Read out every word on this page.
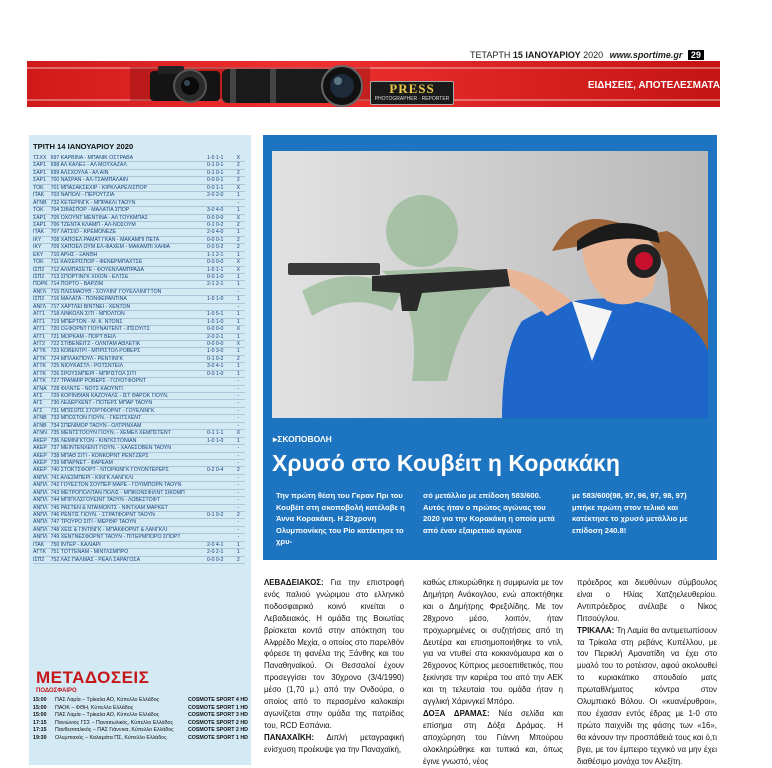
ΤΕΤΑΡΤΗ 15 ΙΑΝΟΥΑΡΙΟΥ 2020 www.sportime.gr 29
PRESS
PHOTOGRAPHER · REPORTER
ΕΙΔΗΣΕΙΣ, ΑΠΟΤΕΛΕΣΜΑΤΑ
ΤΡΙΤΗ 14 ΙΑΝΟΥΑΡΙΟΥ 2020
ΤΣΧΧ	697 ΚΑΡΒΙΝΑ - ΜΠΑΝΙΚ ΟΣΤΡΑΒΑ	1-0 1-1	X
ΣΑΡ1	698 ΑΛ ΚΑΛΕΞ - ΑΛ ΜΟΥΧΑΖΑΛ	0-1 0-1	2
ΣΑΡ1	699 ΑΛΣΧΟΥΛΑ - ΑΛ ΑΙΝ	0-1 0-1	2
ΣΑΡ1	700 ΝΑΣΡΑΝ - ΑΛ-ΤΣΑΜΠΑΛΑΙΝ	0-0 0-1	2
ΤΟΚ	701 ΜΠΑΣΑΚΣΕΧΙΡ - ΚΙΡΚΛΑΡΕΛΙΣΠΟΡ	0-0 1-1	X
ΙΤΑΚ	703 ΝΑΠΟΛΙ - ΠΕΡΟΥΤΖΙΑ	2-0 2-0	1
ΑΓΝΒ	732 ΚΕΤΕΡΙΝΓΚ - ΜΠΡΑΚΛΙ ΤΑΟΥΝ		-
ΤΟΚ	704 ΣΙΒΑΣΠΟΡ - ΜΑΛΑΤΙΑ ΣΠΟΡ	3-0 4-0	1
ΣΑΡ1	705 ΟΧΟΥΝΤ ΜΕΝΤΙΝΑ - ΑΛ ΤΟΥΚΜΠΑΣ	0-0 0-0	X
ΣΑΡ1	706 ΤΖΕΝΤΑ ΚΛΑΜΠ - ΑΛ-ΝΟΣΟΥΜ	0-1 0-2	2
ΙΤΑΚ	707 ΛΑΤΣΙΟ - ΚΡΕΜΟΝΕΖΕ	2-0 4-0	1
ΙΚΥ	708 ΧΑΠΟΕΛ ΡΑΜΑΤ ΓΚΑΝ - ΜΑΚΑΜΠΙ ΠΕΤΑ	0-0 0-1	2
ΙΚΥ	709 ΧΑΠΟΕΛ ΟΥΜ ΕΛ-ΦΑΧΕΜ - ΜΑΚΑΜΠΙ ΧΑΙΦΑ	0-0 0-2	2
ΕΚΥ	710 ΑΡΗΣ - ΞΑΝΘΗ	1-1 2-1	1
ΤΟΚ	711 ΚΑΙΣΕΡΙΣΠΟΡ - ΦΕΝΕΡΜΠΑΧΤΣΕ	0-0 0-0	X
ΙΣΠ2	712 ΑΛΜΠΑΣΕΤΕ - ΦΟΥΕΝΛΑΜΠΡΑΔΑ	1-0 1-1	X
ΙΣΠ2	713 ΣΠΟΡΤΙΝΓΚ ΧΙΧΟΝ - ΕΛΤΣΕ	0-0 1-0	1
ΠΟΡΚ	714 ΠΟΡΤΟ - ΒΑΡΖΙΜ	2-1 2-1	1
ΑΝΓΛ	715 ΠΛΙΣΜΑΟΥΘ - ΣΟΥΛΙΝΓ ΓΟΥΕΛΛΙΝΓΓΤΟΝ		-
ΙΣΠ2	716 ΜΑΛΑΓΑ - ΠΟΝΦΕΡΑΝΤΙΝΑ	1-0 1-0	1
ΑΝΓΛ	717 ΧΑΡΤΛΕΙ ΒΙΝΤΝΕΙ - ΧΕΝΤΟΝ		-
ΑΓΓ1	718 ΛΙΝΚΟΛΝ ΣΙΤΙ - ΜΠΟΛΤΟΝ	1-0 5-1	1
ΑΓΓ1	719 ΜΠΕΡΤΟΝ - Μ. Κ. ΝΤΟΝΣ	1-0 1-0	1
ΑΓΓ1	720 ΟΞΦΟΡΝΤ ΓΙΟΥΝΑΪΤΕΝΤ - ΙΠΣΟΥΙΤΣ	0-0 0-0	X
ΑΓΓ1	721 ΜΟΡΚΑΜ - ΠΟΡΤ ΒΕΪΛ	2-0 2-1	1
ΑΓΓ2	722 ΣΤΙΒΕΝΕΪΤΖ - ΟΛΝΤΑΜ ΑΘΛΕΤΙΚ	0-0 0-0	X
ΑΓΤΚ	723 ΚΟΒΕΝΤΡΙ - ΜΠΡΙΣΤΟΛ ΡΟΒΕΡΣ	1-0 3-0	1
ΑΓΤΚ	724 ΜΠΛΑΚΠΟΥΛ - ΡΕΝΤΙΝΓΚ	0-1 0-2	2
ΑΓΤΚ	725 ΝΙΟΥΚΑΣΤΛ - ΡΟΤΣΝΤΕΪΛ	3-0 4-1	1
ΑΓΤΚ	726 ΣΡΟΥΣΜΠΕΡΙ - ΜΠΡΙΣΤΟΛ ΣΙΤΙ	0-0 1-0	1
ΑΓΤΚ	727 ΤΡΑΝΜΙΡ ΡΟΒΕΡΣ - ΓΟΥΟΤΦΟΡΝΤ		-
ΑΓΝΑ	728 ΦΙΛΝΤΕ - ΝΟΤΣ ΚΑΟΥΝΤΙ		-
ΑΓΣ	729 ΚΟΡΙΝΘΙΑΝ ΚΑΖΟΥΑΛΣ - ΙΣΤ ΘΑΡΟΚ ΓΙΟΥΝ.		-
ΑΓΣ	730 ΛΕΔΕΡΧΕΝΤ - ΠΟΤΕΡΣ ΜΠΑΡ ΤΑΟΥΝ		-
ΑΓΣ	731 ΜΠΙΣΟΠΣ ΣΤΟΡΤΦΟΡΝΤ - ΓΟΥΕΛΙΝΓΚ		-
ΑΓΝΒ	733 ΜΠΟΣΤΟΝ ΓΙΟΥΝ. - ΓΚΕΙΤΣΧΕΝΤ		-
ΑΓΝΒ	734 ΣΠΕΝΙΜΟΡ ΤΑΟΥΝ - ΟΛΤΡΙΝΧΑΜ		-
ΑΓΝΝ	735 ΜΕΝΤΣΤΟΟΥΝ ΓΙΟΥΝ. - ΧΕΜΕΛ ΧΕΜΠΣΤΕΝΤ	0-1 1-1	X
ΑΚΕΡ	736 ΛΕΜΙΝΓΚΤΟΝ - ΚΙΝΓΚΣΤΟΝΙΑΝ	1-0 1-0	1
ΑΚΕΡ	737 ΜΕΙΝΤΕΝΧΕΝΤ ΓΙΟΥΝ. - ΧΑΛΕΣΟΒΕΝ ΤΑΟΥΝ		-
ΑΚΕΡ	738 ΜΠΑΘ ΣΙΤΙ - ΚΟΝΚΟΡΝΤ ΡΕΝΤΖΕΡΣ		-
ΑΚΕΡ	739 ΜΠΑΡΝΕΤ - ΦΑΡΕΑΜ		-
ΑΚΕΡ	740 ΣΤΟΚΤΣΦΟΡΤ - ΝΤΟΡΚΙΝΓΚ ΓΟΥΟΝΤΕΡΕΡΣ	0-2 0-4	2
ΑΝΠΛ	741 ΑΛΕΣΜΠΕΡΙ - ΚΙΝΓΚ ΛΑΝΓΚΛΙ		-
ΑΝΠΛ	742 ΓΟΥΕΣΤΟΝ ΣΟΥΠΕΡ ΜΑΡΕ - ΓΟΥΙΜΠΟΡΝ ΤΑΟΥΝ		-
ΑΝΠΛ	743 ΜΕΤΡΟΠΟΛΙΤΑΝ ΠΟΛΙΣ - ΜΠΙΚΟΝΣΦΙΛΝΤ ΣΙΚΟΜΠ		-
ΑΝΠΛ	744 ΜΠΙΓΚΛΣΓΟΥΕΪΝΤ ΤΑΟΥΝ - ΛΟΒΕΣΤΟΦΤ		-
ΑΝΠΛ	745 ΡΑΣΤΕΝ & ΝΤΑΙΜΟΝΤΣ - ΝΙΝΤΧΑΜ ΜΑΡΚΕΤ		-
ΑΝΠΛ	746 ΡΕΝΤΙΣ ΓΙΟΥΝ. - ΣΤΡΑΤΦΟΡΝΤ ΤΑΟΥΝ	0-1 0-2	2
ΑΝΠΛ	747 ΤΡΟΥΡΟ ΣΙΤΙ - ΜΕΡΘΙΡ ΤΑΟΥΝ		-
ΑΝΠΛ	748 ΧΕΪΣ & ΓΙΝΤΙΝΓΚ - ΜΠΑΚΦΟΡΝΤ & ΛΑΝΓΚΛΙ		-
ΑΝΠΛ	749 ΧΕΝΤΝΕΣΦΟΡΝΤ ΤΑΟΥΝ - ΠΙΤΕΡΜΠΟΡΟ ΣΠΟΡΤ		-
ΙΤΑΚ	750 ΙΝΤΕΡ - ΚΑΛΙΑΡΙ	2-0 4-1	1
ΑΓΤΚ	751 ΤΟΤΤΕΝΑΜ - ΜΙΝΤΛΣΜΠΡΟ	2-0 2-1	1
ΙΣΠ2	752 ΛΑΣ ΠΑΛΜΑΣ - ΡΕΑΛ ΣΑΡΑΓΟΣΑ	0-0 0-2	2
ΜΕΤΑΔΟΣΕΙΣ
ΠΟΔΟΣΦΑΙΡΟ
15:00	ΠΑΣ Λαμία – Τρίκαλα ΑΟ, Κύπελλο Ελλάδος	COSMOTE SPORT 4 HD
15:00	ΠΑΟΚ – ΦΘΗ, Κύπελλο Ελλάδος	COSMOTE SPORT 1 HD
15:00	ΠΑΣ Λαμία – Τρίκαλα ΑΟ, Κύπελλο Ελλάδος	COSMOTE SPORT 3 HD
17:15	Πανιώνιος ΓΣΣ – Παναιτωλικός, Κύπελλο Ελλάδος	COSMOTE SPORT 2 HD
17:15	Πανθεσσαλικός – ΠΑΣ Γιάννινα, Κύπελλο Ελλάδος	COSMOTE SPORT 2 HD
19:30	Ολυμπιακός – Καλαμάτα ΠΣ, Κύπελλο Ελλάδος	COSMOTE SPORT 1 HD
▸ΣΚΟΠΟΒΟΛΗ
Χρυσό στο Κουβέιτ η Κορακάκη
Την πρώτη θέση του Γκραν Πρι του Κουβέιτ στη σκοποβολή κατέλαβε η Άννα Κορακάκη. Η 23χρονη Ολυμπιονίκης του Ρίο κατέκτησε το χρυ-
σό μετάλλιο με επίδοση 583/600. Αυτός ήταν ο πρώτος αγώνας του 2020 για την Κορακάκη η οποία μετά από έναν εξαιρετικό αγώνα
με 583/600(98, 97, 96, 97, 98, 97) μπήκε πρώτη στον τελικό και κατέκτησε το χρυσό μετάλλιο με επίδοση 240.8!
ΛΕΒΑΔΕΙΑΚΟΣ: Για την επιστροφή ενός παλιού γνώριμου στο ελληνικό ποδοσφαιρικό κοινό κινείται ο Λεβαδειακός. Η ομάδα της Βοιωτίας βρίσκεται κοντά στην απόκτηση του Αλφρέδο Μεχία, ο οποίος στο παρελθόν φόρεσε τη φανέλα της Ξάνθης και του Παναθηναϊκού. Οι Θεσσαλοί έχουν προσεγγίσει τον 30χρονο (3/4/1990) μέσο (1,70 μ.) από την Ονδούρα, ο οποίος από το περασμένο καλοκαίρι αγωνίζεται στην ομάδα της πατρίδας του, RCD Εσπάνια.
ΠΑΝΑΧΑΪΚΗ: Διπλή μεταγραφική ενίσχυση προέκυψε για την Παναχαϊκή,
καθώς επικυρώθηκε η συμφωνία με τον Δημήτρη Ανάκογλου, ενώ αποκτήθηκε και ο Δημήτρης Φρεξιλίδης. Με τον 28χρονο μέσο, λοιπόν, ήταν προχωρημένες οι συζητήσεις από τη Δευτέρα και επισημοποιήθηκε το ντιλ, για να ντυθεί στα κοκκινόμαυρα και ο 26χρονος Κύπριος μεσοεπιθετικός, που ξεκίνησε την καριέρα του από την ΑΕΚ και τη τελευταία του ομάδα ήταν η αγγλική Χάρινγκεϊ Μπόρο.
ΔΟΞΑ ΔΡΑΜΑΣ: Νέα σελίδα και επίσημα στη Δόξα Δράμας. Η αποχώρηση του Γιάννη Μπούρου ολοκληρώθηκε και τυπικά και, όπως έγινε γνωστό, νέος
πρόεδρος και διευθύνων σύμβουλος είναι ο Ηλίας Χατζηελευθερίου. Αντιπρόεδρος ανέλαβε ο Νίκος Πιτσούγλου.
ΤΡΙΚΑΛΑ: Τη Λαμία θα αντιμετωπίσουν τα Τρίκαλα στη ρεβάνς Κυπέλλου, με τον Περικλή Αμανατίδη να έχει στο μυαλό του το ροτέισον, αφού ακολουθεί το κυριακάτικο σπουδαίο ματς πρωταθλήματος κόντρα στον Ολυμπιακό Βόλου. Οι «κυανέρυθροι», που έχασαν εντός έδρας με 1-0 στο πρώτο παιχνίδι της φάσης των «16», θα κάνουν την προσπάθειά τους και ό,τι βγει, με τον έμπειρο τεχνικό να μην έχει διαθέσιμο μονάχα τον Αλεξίτη.
